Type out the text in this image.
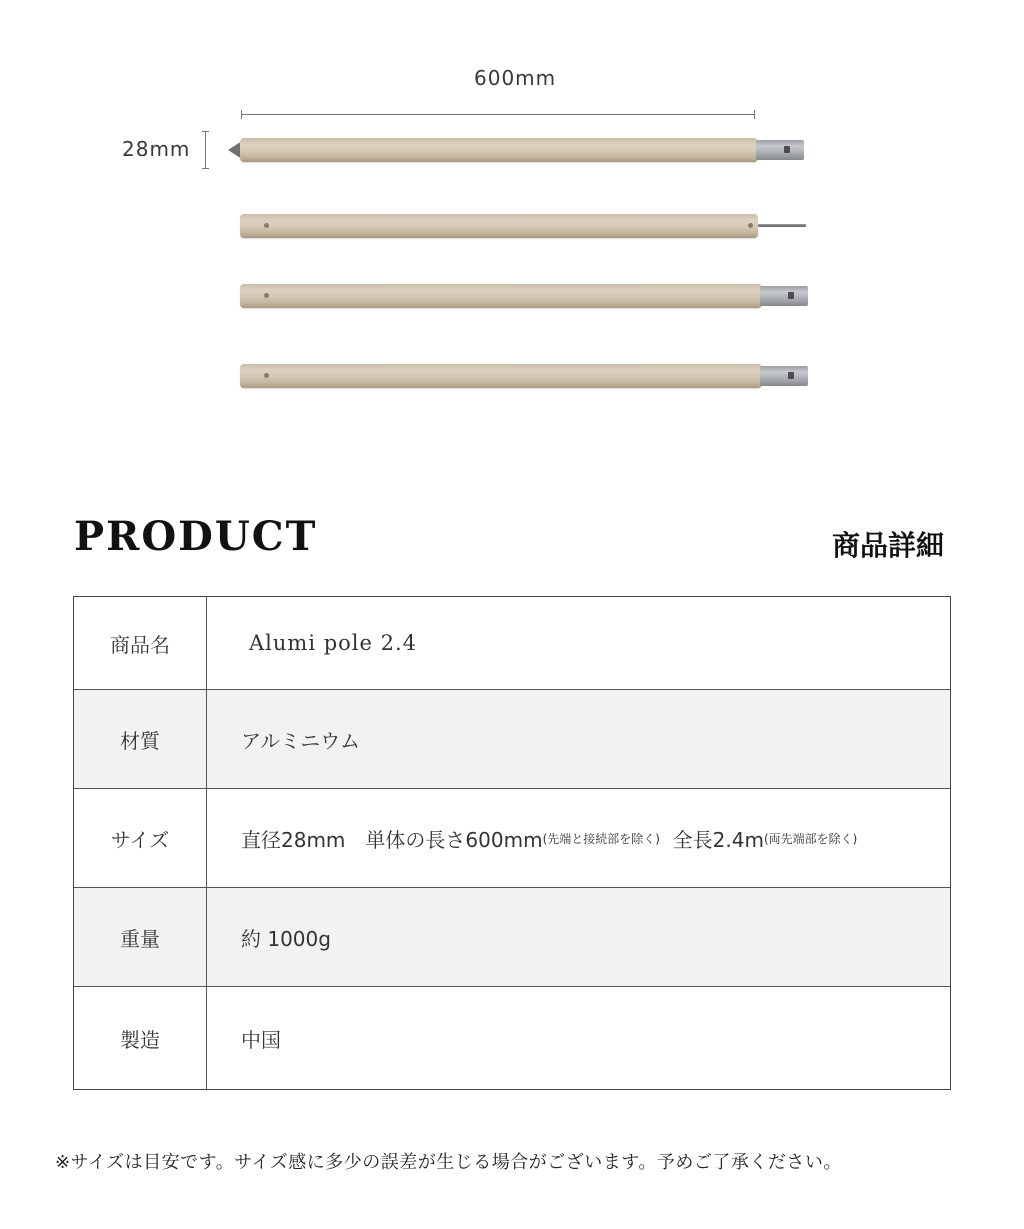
600mm
28mm
PRODUCT	商品詳細
商品名	Alumi pole 2.4
材質	アルミニウム
サイズ	直径28mm　単体の長さ600mm (先端と接続部を除く) 全長2.4m (両先端部を除く)
重量	約 1000g
製造	中国

※サイズは目安です。サイズ感に多少の誤差が生じる場合がございます。予めご了承ください。
